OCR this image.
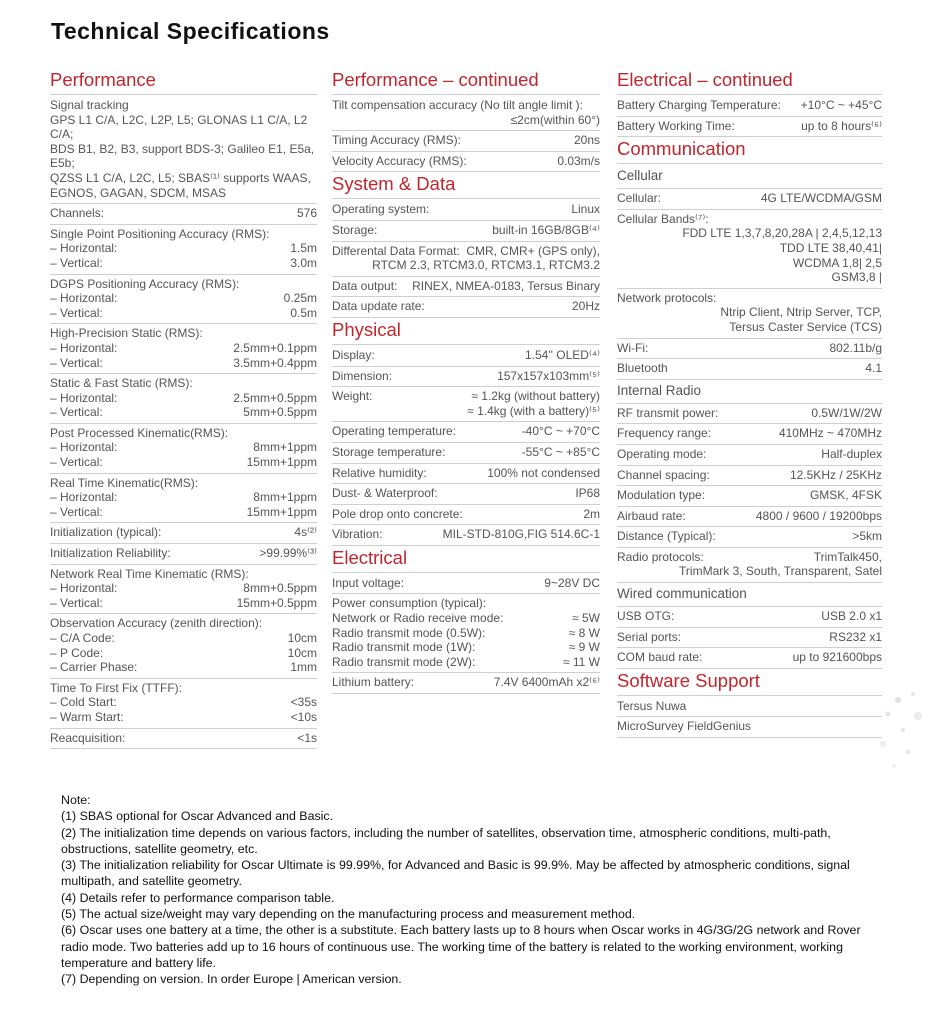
Technical Specifications
Performance
Signal tracking
GPS L1 C/A, L2C, L2P, L5; GLONAS L1 C/A, L2 C/A;
BDS B1, B2, B3, support BDS-3; Galileo E1, E5a, E5b;
QZSS L1 C/A, L2C, L5; SBAS⁽¹⁾ supports WAAS,
EGNOS, GAGAN, SDCM, MSAS
Channels:	576
Single Point Positioning Accuracy (RMS):
– Horizontal:	1.5m
– Vertical:	3.0m
DGPS Positioning Accuracy (RMS):
– Horizontal:	0.25m
– Vertical:	0.5m
High-Precision Static (RMS):
– Horizontal:	2.5mm+0.1ppm
– Vertical:	3.5mm+0.4ppm
Static & Fast Static (RMS):
– Horizontal:	2.5mm+0.5ppm
– Vertical:	5mm+0.5ppm
Post Processed Kinematic(RMS):
– Horizontal:	8mm+1ppm
– Vertical:	15mm+1ppm
Real Time Kinematic(RMS):
– Horizontal:	8mm+1ppm
– Vertical:	15mm+1ppm
Initialization (typical):	4s⁽²⁾
Initialization Reliability:	>99.99%⁽³⁾
Network Real Time Kinematic (RMS):
– Horizontal:	8mm+0.5ppm
– Vertical:	15mm+0.5ppm
Observation Accuracy (zenith direction):
– C/A Code:	10cm
– P Code:	10cm
– Carrier Phase:	1mm
Time To First Fix (TTFF):
– Cold Start:	<35s
– Warm Start:	<10s
Reacquisition:	<1s
Performance – continued
Tilt compensation accuracy (No tilt angle limit ):
≤2cm(within 60°)
Timing Accuracy (RMS):	20ns
Velocity Accuracy (RMS):	0.03m/s
System & Data
Operating system:	Linux
Storage:	built-in 16GB/8GB⁽⁴⁾
Differental Data Format: CMR, CMR+ (GPS only),
RTCM 2.3, RTCM3.0, RTCM3.1, RTCM3.2
Data output: RINEX, NMEA-0183, Tersus Binary
Data update rate:	20Hz
Physical
Display:	1.54'' OLED⁽⁴⁾
Dimension:	157x157x103mm⁽⁵⁾
Weight:	≈ 1.2kg (without battery)
≈ 1.4kg (with a battery)⁽⁵⁾
Operating temperature:	-40°C ~ +70°C
Storage temperature:	-55°C ~ +85°C
Relative humidity:	100% not condensed
Dust- & Waterproof:	IP68
Pole drop onto concrete:	2m
Vibration:	MIL-STD-810G,FIG 514.6C-1
Electrical
Input voltage:	9~28V DC
Power consumption (typical):
Network or Radio receive mode:	≈ 5W
Radio transmit mode (0.5W):	≈ 8 W
Radio transmit mode (1W):	≈ 9 W
Radio transmit mode (2W):	≈ 11 W
Lithium battery:	7.4V 6400mAh x2⁽⁶⁾
Electrical – continued
Battery Charging Temperature: +10°C ~ +45°C
Battery Working Time:	up to 8 hours⁽⁶⁾
Communication
Cellular
Cellular:	4G LTE/WCDMA/GSM
Cellular Bands⁽⁷⁾:
FDD LTE 1,3,7,8,20,28A | 2,4,5,12,13
TDD LTE 38,40,41|
WCDMA 1,8| 2,5
GSM3,8 |
Network protocols:
Ntrip Client, Ntrip Server, TCP,
Tersus Caster Service (TCS)
Wi-Fi:	802.11b/g
Bluetooth	4.1
Internal Radio
RF transmit power:	0.5W/1W/2W
Frequency range:	410MHz ~ 470MHz
Operating mode:	Half-duplex
Channel spacing:	12.5KHz / 25KHz
Modulation type:	GMSK, 4FSK
Airbaud rate:	4800 / 9600 / 19200bps
Distance (Typical):	>5km
Radio protocols:	TrimTalk450,
TrimMark 3, South, Transparent, Satel
Wired communication
USB OTG:	USB 2.0 x1
Serial ports:	RS232 x1
COM baud rate:	up to 921600bps
Software Support
Tersus Nuwa
MicroSurvey FieldGenius
Note:
(1) SBAS optional for Oscar Advanced and Basic.
(2) The initialization time depends on various factors, including the number of satellites, observation time, atmospheric conditions, multi-path, obstructions, satellite geometry, etc.
(3) The initialization reliability for Oscar Ultimate is 99.99%, for Advanced and Basic is 99.9%. May be affected by atmospheric conditions, signal multipath, and satellite geometry.
(4) Details refer to performance comparison table.
(5) The actual size/weight may vary depending on the manufacturing process and measurement method.
(6) Oscar uses one battery at a time, the other is a substitute. Each battery lasts up to 8 hours when Oscar works in 4G/3G/2G network and Rover radio mode. Two batteries add up to 16 hours of continuous use. The working time of the battery is related to the working environment, working temperature and battery life.
(7) Depending on version. In order Europe | American version.
